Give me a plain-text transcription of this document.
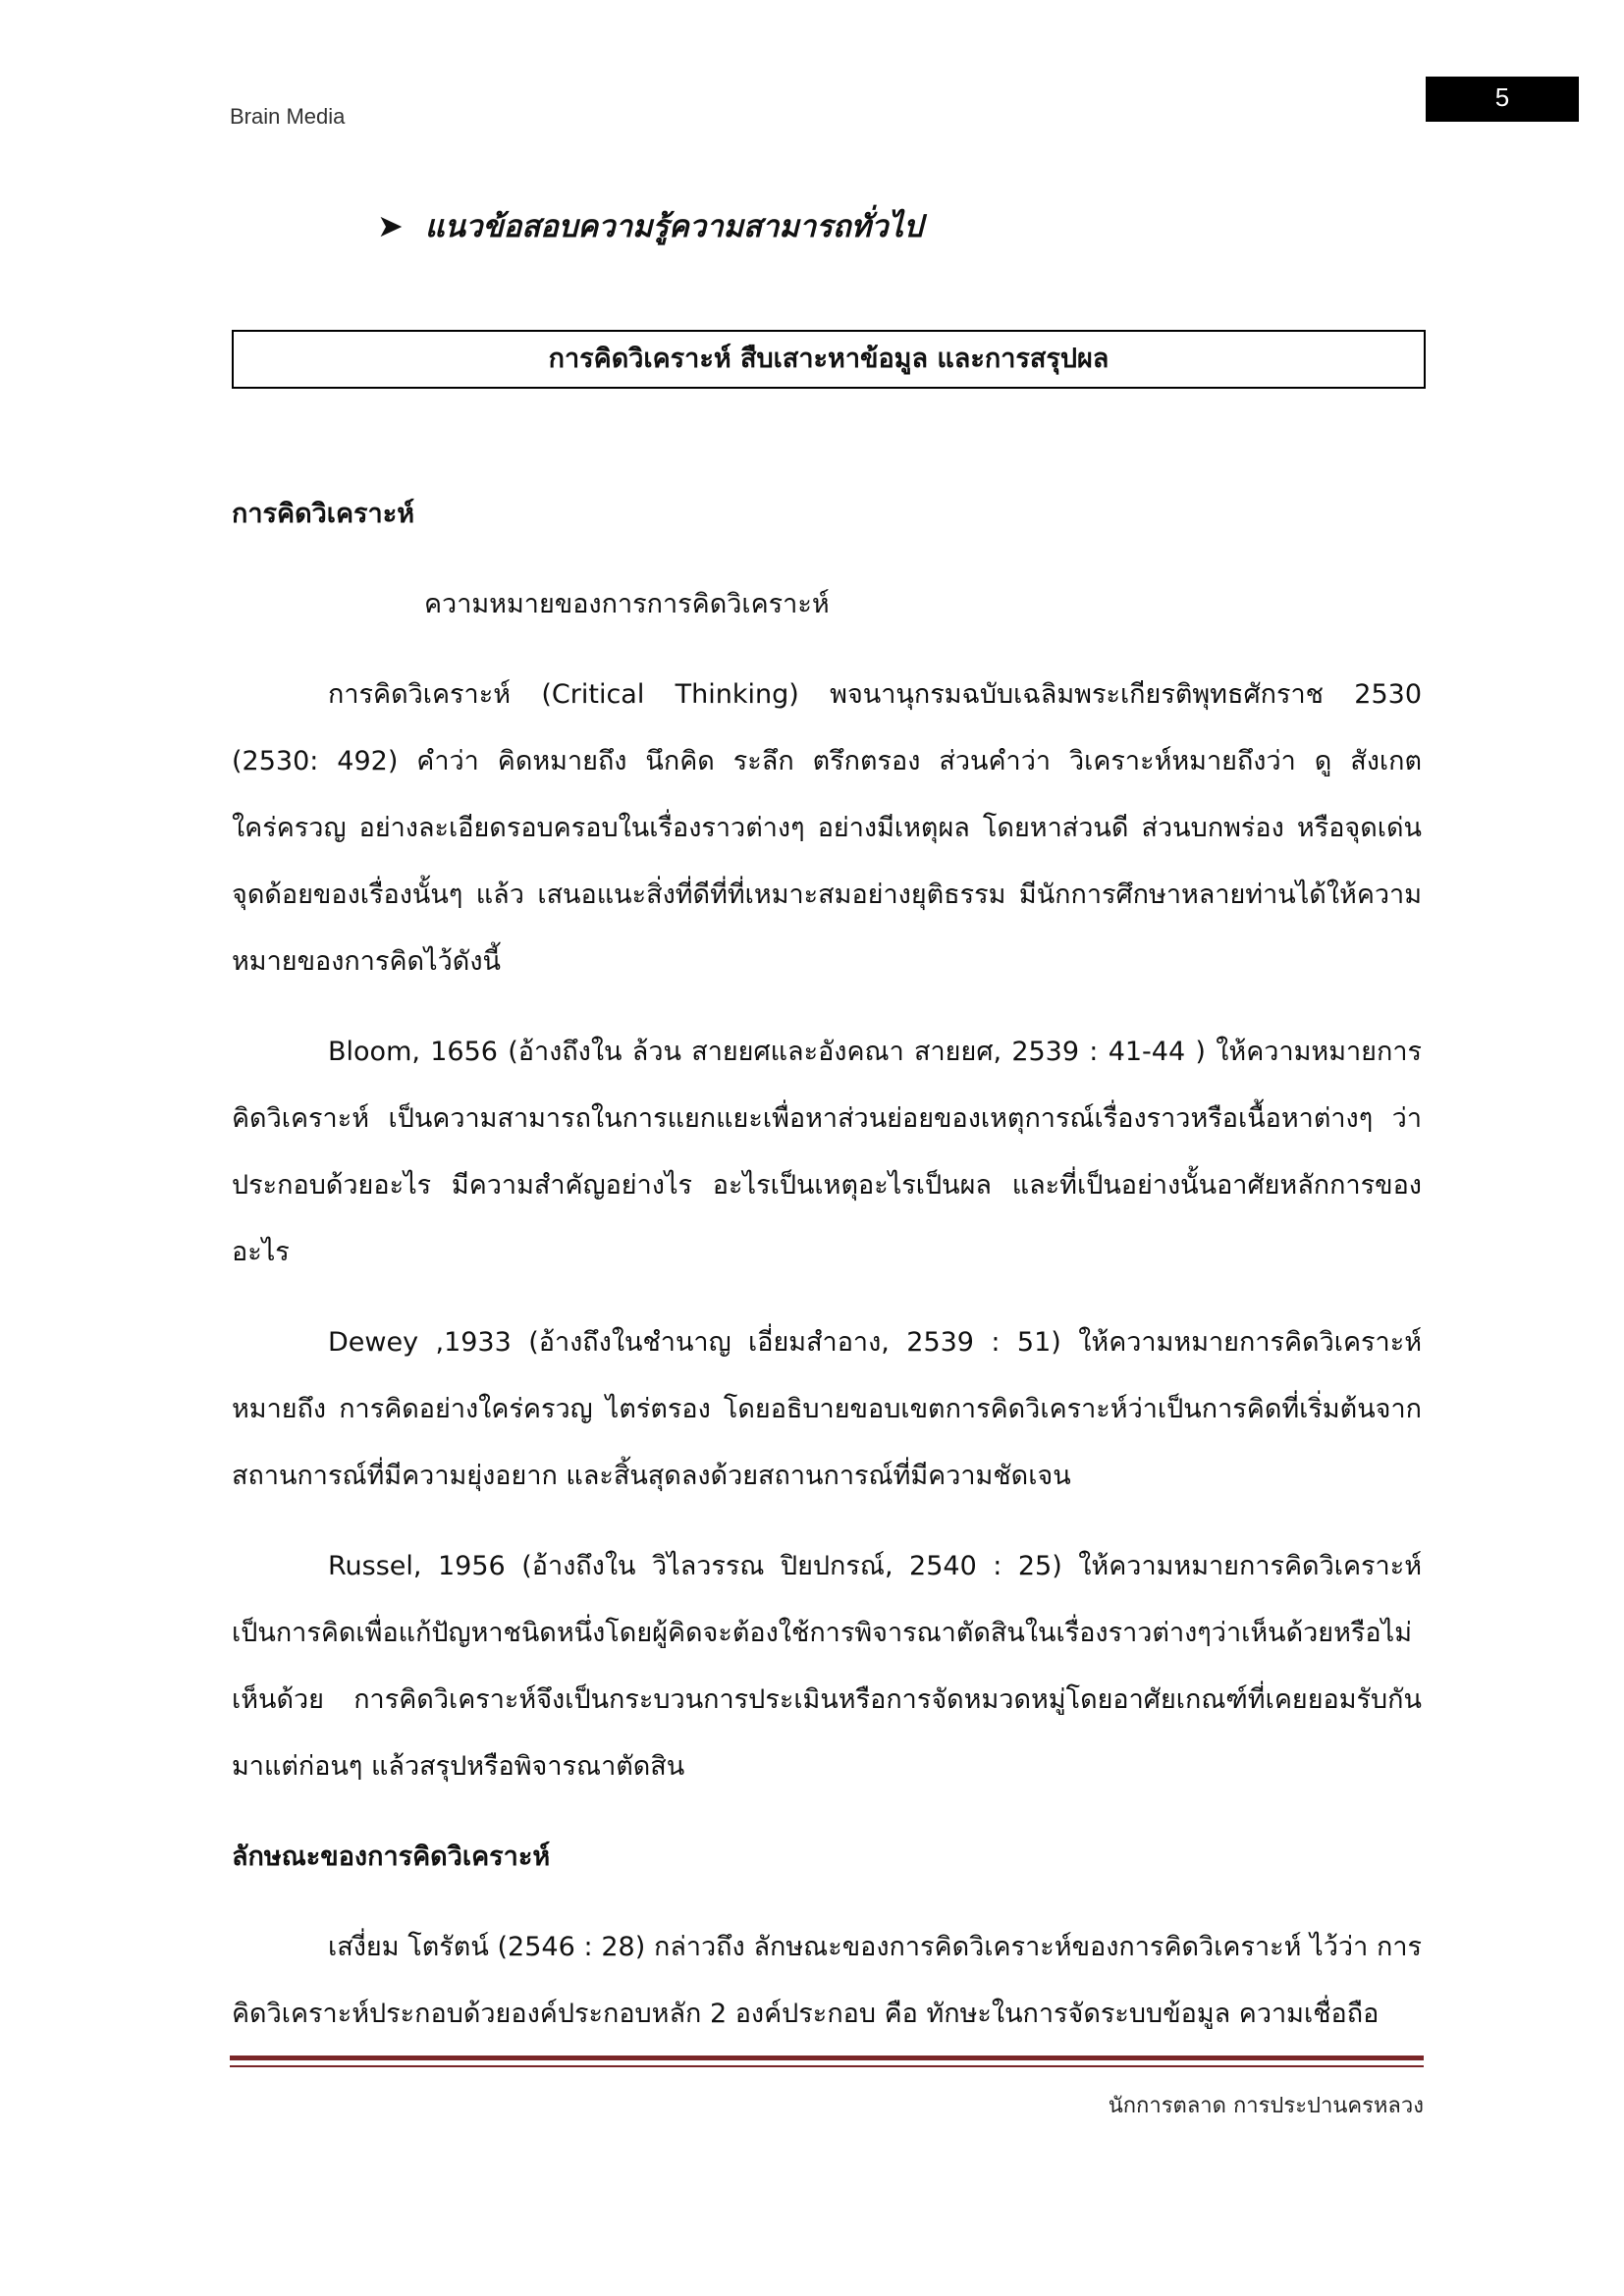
Brain Media
5
➤ แนวข้อสอบความรู้ความสามารถทั่วไป
การคิดวิเคราะห์ สืบเสาะหาข้อมูล และการสรุปผล

การคิดวิเคราะห์

ความหมายของการการคิดวิเคราะห์

การคิดวิเคราะห์ (Critical Thinking) พจนานุกรมฉบับเฉลิมพระเกียรติพุทธศักราช 2530 (2530: 492) คำว่า คิดหมายถึง นึกคิด ระลึก ตรึกตรอง ส่วนคำว่า วิเคราะห์หมายถึงว่า ดู สังเกต ใคร่ครวญ อย่างละเอียดรอบครอบในเรื่องราวต่างๆ อย่างมีเหตุผล โดยหาส่วนดี ส่วนบกพร่อง หรือจุดเด่นจุดด้อยของเรื่องนั้นๆ แล้ว เสนอแนะสิ่งที่ดีที่ที่เหมาะสมอย่างยุติธรรม มีนักการศึกษาหลายท่านได้ให้ความหมายของการคิดไว้ดังนี้

Bloom, 1656 (อ้างถึงใน ล้วน สายยศและอังคณา สายยศ, 2539 : 41-44 ) ให้ความหมายการคิดวิเคราะห์ เป็นความสามารถในการแยกแยะเพื่อหาส่วนย่อยของเหตุการณ์เรื่องราวหรือเนื้อหาต่างๆ ว่าประกอบด้วยอะไร มีความสำคัญอย่างไร อะไรเป็นเหตุอะไรเป็นผล และที่เป็นอย่างนั้นอาศัยหลักการของอะไร

Dewey ,1933 (อ้างถึงในชำนาญ เอี่ยมสำอาง, 2539 : 51) ให้ความหมายการคิดวิเคราะห์ หมายถึง การคิดอย่างใคร่ครวญ ไตร่ตรอง โดยอธิบายขอบเขตการคิดวิเคราะห์ว่าเป็นการคิดที่เริ่มต้นจากสถานการณ์ที่มีความยุ่งอยาก และสิ้นสุดลงด้วยสถานการณ์ที่มีความชัดเจน

Russel, 1956 (อ้างถึงใน วิไลวรรณ ปิยปกรณ์, 2540 : 25) ให้ความหมายการคิดวิเคราะห์เป็นการคิดเพื่อแก้ปัญหาชนิดหนึ่งโดยผู้คิดจะต้องใช้การพิจารณาตัดสินในเรื่องราวต่างๆว่าเห็นด้วยหรือไม่เห็นด้วย การคิดวิเคราะห์จึงเป็นกระบวนการประเมินหรือการจัดหมวดหมู่โดยอาศัยเกณฑ์ที่เคยยอมรับกันมาแต่ก่อนๆ แล้วสรุปหรือพิจารณาตัดสิน

ลักษณะของการคิดวิเคราะห์

เสงี่ยม โตรัตน์ (2546 : 28) กล่าวถึง ลักษณะของการคิดวิเคราะห์ของการคิดวิเคราะห์ ไว้ว่า การคิดวิเคราะห์ประกอบด้วยองค์ประกอบหลัก 2 องค์ประกอบ คือ ทักษะในการจัดระบบข้อมูล ความเชื่อถือ

นักการตลาด การประปานครหลวง
